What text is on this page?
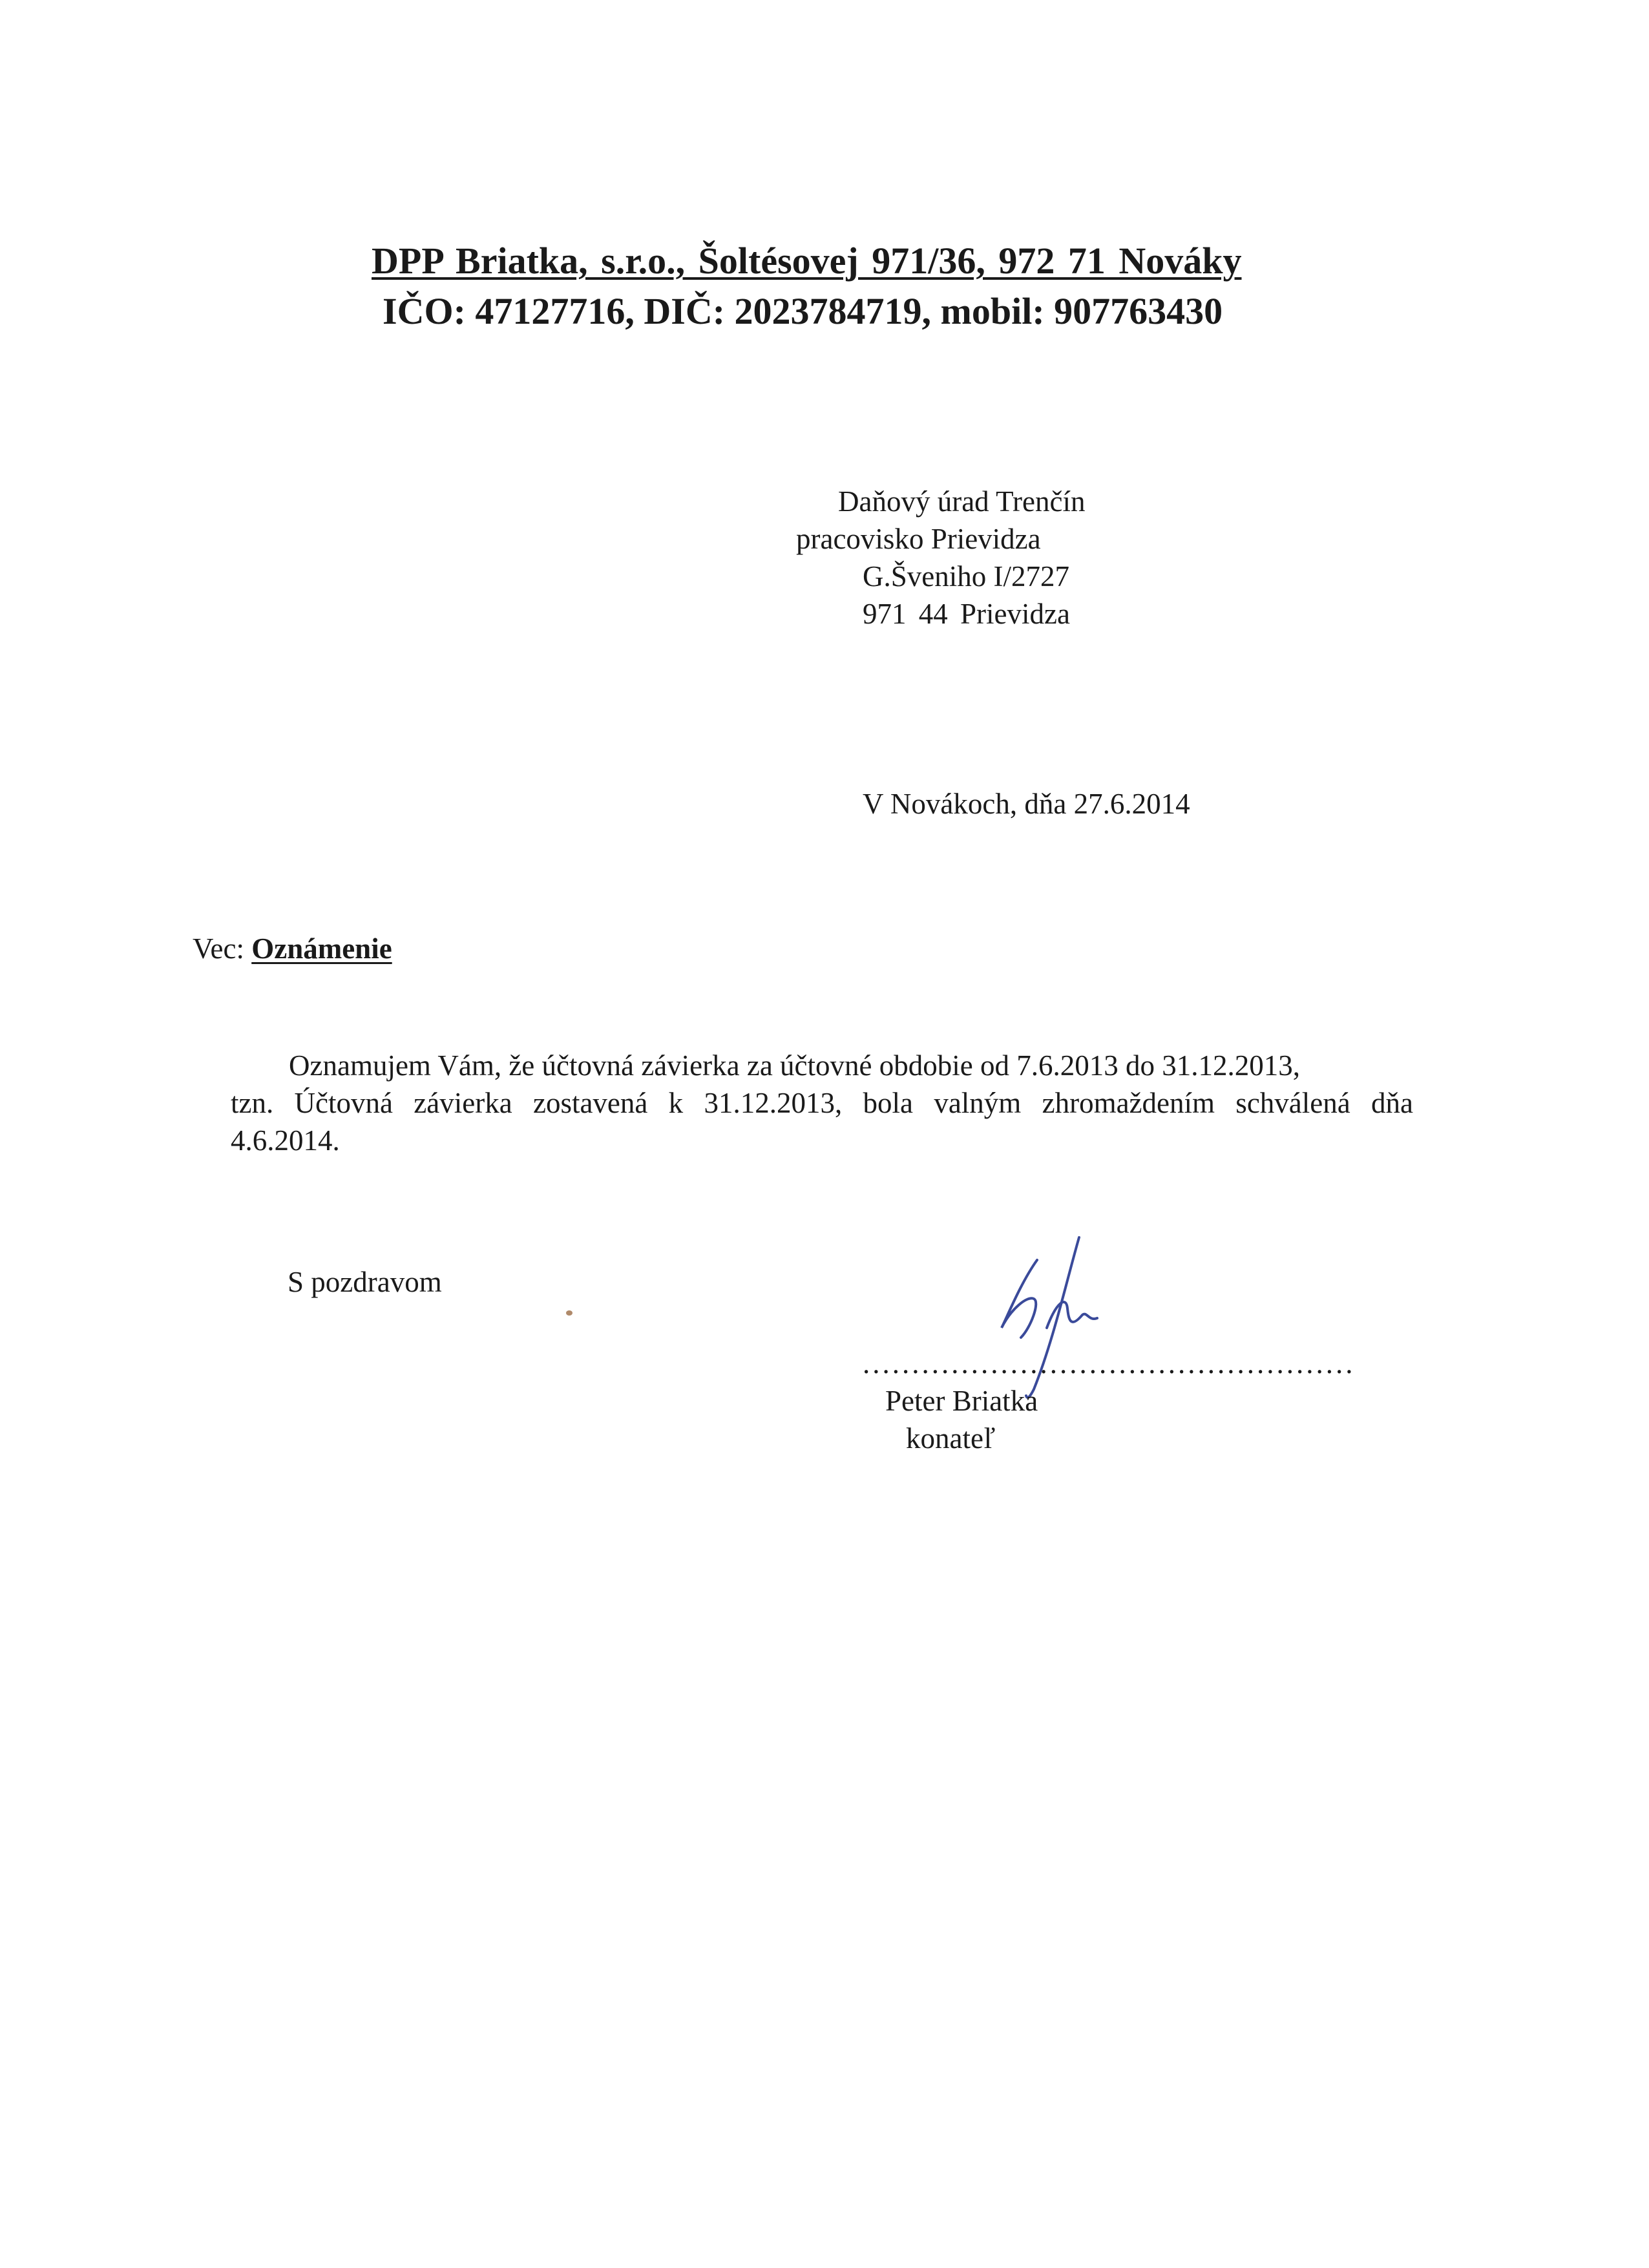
DPP Briatka, s.r.o., Šoltésovej 971/36, 972 71 Nováky
IČO: 47127716, DIČ: 2023784719, mobil: 907763430
Daňový úrad Trenčín
pracovisko Prievidza
G.Šveniho I/2727
971 44 Prievidza
V Novákoch, dňa 27.6.2014
Vec: Oznámenie
Oznamujem Vám, že účtovná závierka za účtovné obdobie od 7.6.2013 do 31.12.2013,
tzn. Účtovná závierka zostavená k 31.12.2013, bola valným zhromaždením schválená dňa
4.6.2014.
S pozdravom
..................................................
Peter Briatka
konateľ
